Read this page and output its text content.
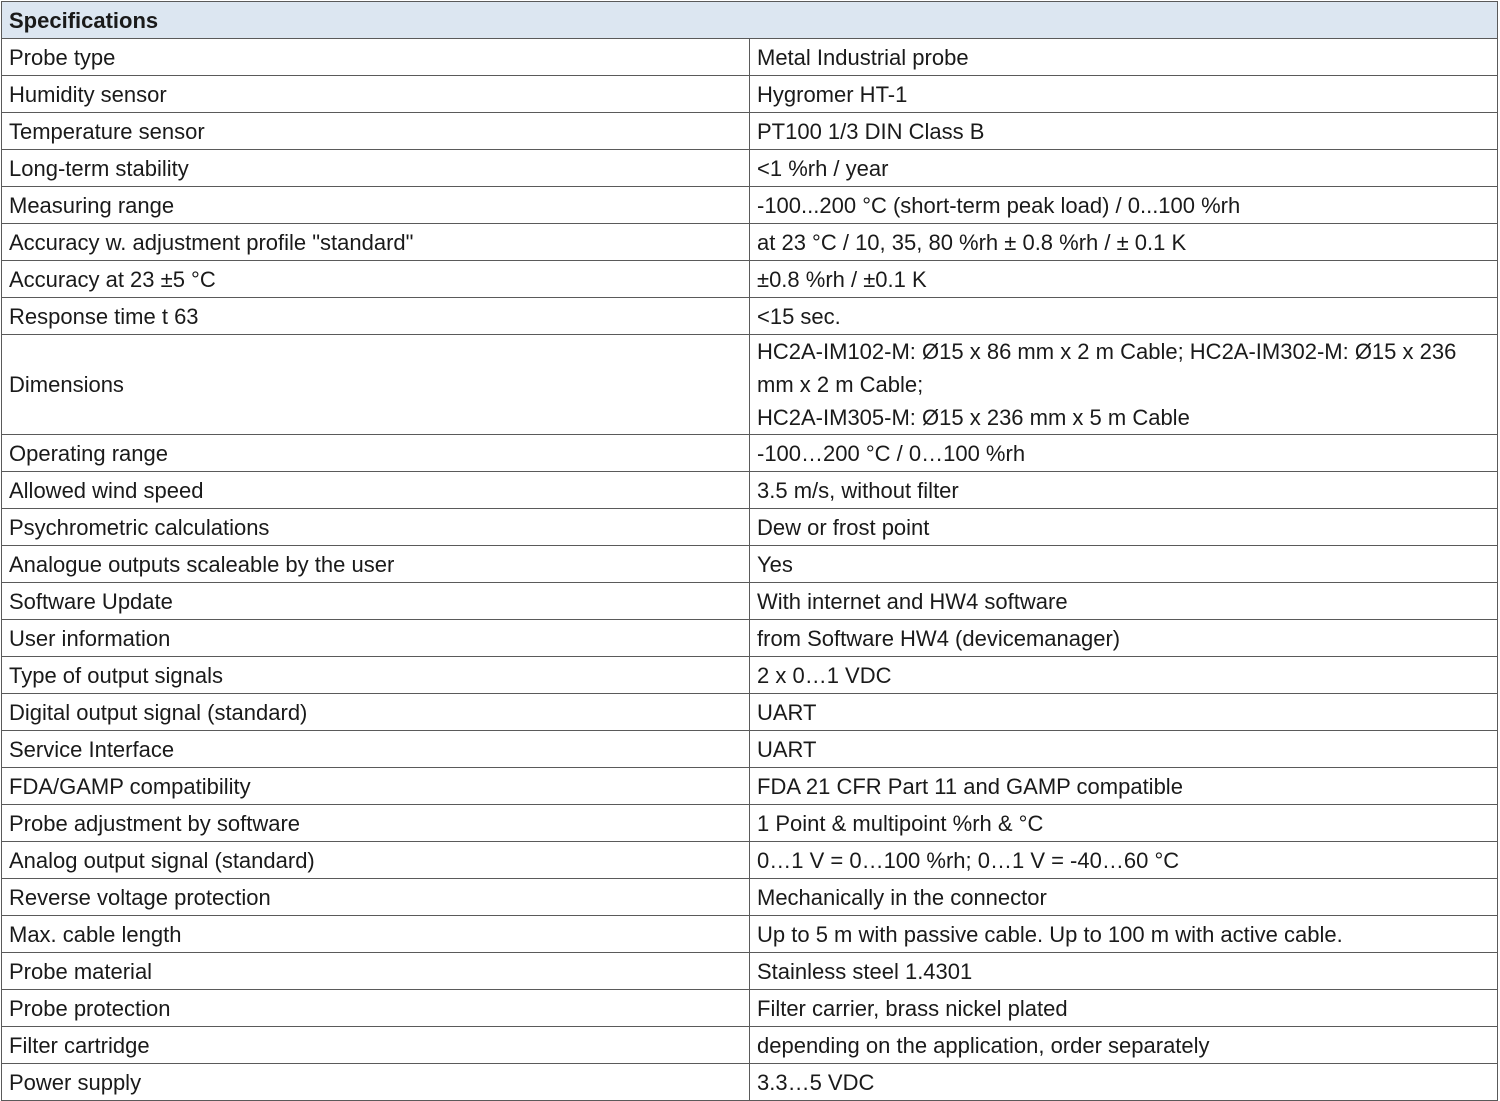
Specifications	
Probe type	Metal Industrial probe
Humidity sensor	Hygromer HT-1
Temperature sensor	PT100 1/3 DIN Class B
Long-term stability	<1 %rh / year
Measuring range	-100...200 °C (short-term peak load) / 0...100 %rh
Accuracy w. adjustment profile "standard"	at 23 °C / 10, 35, 80 %rh ± 0.8 %rh / ± 0.1 K
Accuracy at 23 ±5 °C	±0.8 %rh / ±0.1 K
Response time t 63	<15 sec.
Dimensions	HC2A-IM102-M: Ø15 x 86 mm x 2 m Cable; HC2A-IM302-M: Ø15 x 236 mm x 2 m Cable;
HC2A-IM305-M: Ø15 x 236 mm x 5 m Cable

Operating range	-100…200 °C / 0…100 %rh
Allowed wind speed	3.5 m/s, without filter
Psychrometric calculations	Dew or frost point
Analogue outputs scaleable by the user	Yes
Software Update	With internet and HW4 software
User information	from Software HW4 (devicemanager)
Type of output signals	2 x 0…1 VDC
Digital output signal (standard)	UART
Service Interface	UART
FDA/GAMP compatibility	FDA 21 CFR Part 11 and GAMP compatible
Probe adjustment by software	1 Point & multipoint %rh & °C
Analog output signal (standard)	0…1 V = 0…100 %rh; 0…1 V = -40…60 °C
Reverse voltage protection	Mechanically in the connector
Max. cable length	Up to 5 m with passive cable. Up to 100 m with active cable.
Probe material	Stainless steel 1.4301
Probe protection	Filter carrier, brass nickel plated
Filter cartridge	depending on the application, order separately
Power supply	3.3…5 VDC
